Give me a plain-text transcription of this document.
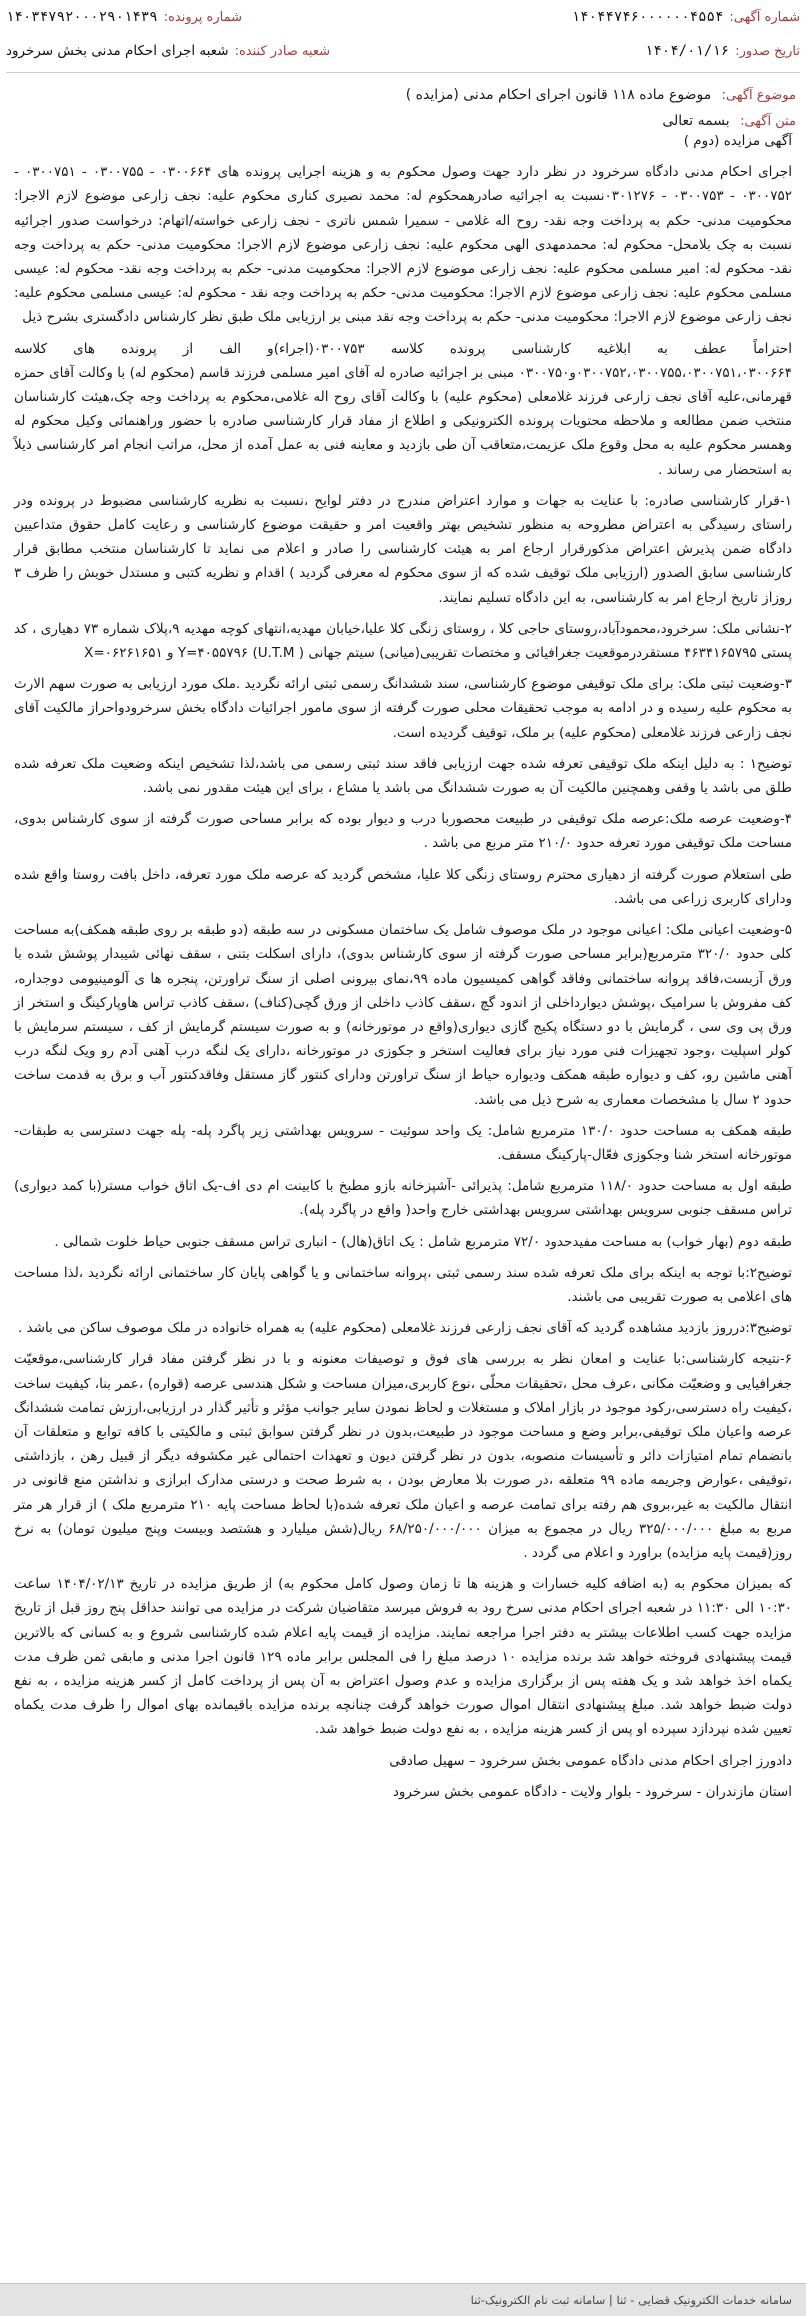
شماره آگهی:
۱۴۰۴۴۷۴۶۰۰۰۰۰۰۴۵۵۴
شماره پرونده:
۱۴۰۳۴۷۹۲۰۰۰۲۹۰۱۴۳۹
تاریخ صدور:
۱۴۰۴/۰۱/۱۶
شعبه صادر کننده:
شعبه اجرای احکام مدنی بخش سرخرود
موضوع آگهی: موضوع ماده ۱۱۸ قانون اجرای احکام مدنی (مزایده )
متن آگهی: بسمه تعالی

آگهی مزایده (دوم )

اجرای احکام مدنی دادگاه سرخرود در نظر دارد جهت وصول محکوم به و هزینه اجرایی پرونده های ۰۳۰۰۶۶۴ - ۰۳۰۰۷۵۵ - ۰۳۰۰۷۵۱ - ۰۳۰۰۷۵۲ - ۰۳۰۰۷۵۳ - ۰۳۰۱۲۷۶نسبت به اجرائیه صادرهمحکوم له: محمد نصیری کناری محکوم علیه: نجف زارعی موضوع لازم الاجرا: محکومیت مدنی- حکم به پرداخت وجه نقد- روح اله غلامی - سمیرا شمس ناتری - نجف زارعی خواسته/اتهام: درخواست صدور اجرائیه نسبت به چک بلامحل- محکوم له: محمدمهدی الهی محکوم علیه: نجف زارعی موضوع لازم الاجرا: محکومیت مدنی- حکم به پرداخت وجه نقد- محکوم له: امیر مسلمی محکوم علیه: نجف زارعی موضوع لازم الاجرا: محکومیت مدنی- حکم به پرداخت وجه نقد- محکوم له: عیسی مسلمی محکوم علیه: نجف زارعی موضوع لازم الاجرا: محکومیت مدنی- حکم به پرداخت وجه نقد - محکوم له: عیسی مسلمی محکوم علیه: نجف زارعی موضوع لازم الاجرا: محکومیت مدنی- حکم به پرداخت وجه نقد مبنی بر ارزیابی ملک طبق نظر کارشناس دادگستری بشرح ذیل

احتراماً عطف به ابلاغیه کارشناسی پرونده کلاسه ۰۳۰۰۷۵۳(اجراء)و الف از پرونده های کلاسه ۰۳۰۰۷۵۲،۰۳۰۰۷۵۵،۰۳۰۰۷۵۱،۰۳۰۰۶۶۴و۰۳۰۰۷۵۰ مبنی بر اجرائیه صادره له آقای امیر مسلمی فرزند قاسم (محکوم له) با وکالت آقای حمزه قهرمانی،علیه آقای نجف زارعی فرزند غلامعلی (محکوم علیه) با وکالت آقای روح اله غلامی،محکوم به پرداخت وجه چک،هیئت کارشناسان منتخب ضمن مطالعه و ملاحظه محتویات پرونده الکترونیکی و اطلاع از مفاد قرار کارشناسی صادره با حضور وراهنمائی وکیل محکوم له وهمسر محکوم علیه به محل وقوع ملک عزیمت،متعاقب آن طی بازدید و معاینه فنی به عمل آمده از محل، مراتب انجام امر کارشناسی ذیلاً به استحضار می رساند .

۱-قرار کارشناسی صادره: با عنایت به جهات و موارد اعتراض مندرج در دفتر لوایح ،نسبت به نظریه کارشناسی مضبوط در پرونده ودر راستای رسیدگی به اعتراض مطروحه به منظور تشخیص بهتر واقعیت امر و حقیقت موضوع کارشناسی و رعایت کامل حقوق متداعیین دادگاه ضمن پذیرش اعتراض مذکورقرار ارجاع امر به هیئت کارشناسی را صادر و اعلام می نماید تا کارشناسان منتخب مطابق قرار کارشناسی سابق الصدور (ارزیابی ملک توقیف شده که از سوی محکوم له معرفی گردید ) اقدام و نظریه کتبی و مستدل خویش را ظرف ۳ روزاز تاریخ ارجاع امر به کارشناسی، به این دادگاه تسلیم نمایند.

۲-نشانی ملک: سرخرود،محمودآباد،روستای حاجی کلا ، روستای زنگی کلا علیا،خیابان مهدیه،انتهای کوچه مهدیه ۹،پلاک شماره ۷۳ دهیاری ، کد پستی ۴۶۳۴۱۶۵۷۹۵ مستقردرموقعیت جغرافیائی و مختصات تقریبی(میانی) سیتم جهانی ( U.T.M) Y=۴۰۵۵۷۹۶ و X=۰۶۲۶۱۶۵۱

۳-وضعیت ثبتی ملک: برای ملک توقیفی موضوع کارشناسی، سند ششدانگ رسمی ثبتی ارائه نگردید .ملک مورد ارزیابی به صورت سهم الارث به محکوم علیه رسیده و در ادامه به موجب تحقیقات محلی صورت گرفته از سوی مامور اجرائیات دادگاه بخش سرخرودواحراز مالکیت آقای نجف زارعی فرزند غلامعلی (محکوم علیه) بر ملک، توقیف گردیده است.

توضیح۱ : به دلیل اینکه ملک توقیفی تعرفه شده جهت ارزیابی فاقد سند ثبتی رسمی می باشد،لذا تشخیص اینکه وضعیت ملک تعرفه شده طلق می باشد یا وقفی وهمچنین مالکیت آن به صورت ششدانگ می باشد یا مشاع ، برای این هیئت مقدور نمی باشد.

۴-وضعیت عرصه ملک:عرصه ملک توقیفی در طبیعت محصوربا درب و دیوار بوده که برابر مساحی صورت گرفته از سوی کارشناس بدوی، مساحت ملک توقیفی مورد تعرفه حدود ۲۱۰/۰ متر مربع می باشد .

طی استعلام صورت گرفته از دهیاری محترم روستای زنگی کلا علیا، مشخص گردید که عرصه ملک مورد تعرفه، داخل بافت روستا واقع شده ودارای کاربری زراعی می باشد.

۵-وضعیت اعیانی ملک: اعیانی موجود در ملک موصوف شامل یک ساختمان مسکونی در سه طبقه (دو طبقه بر روی طبقه همکف)به مساحت کلی حدود ۳۲۰/۰ مترمربع(برابر مساحی صورت گرفته از سوی کارشناس بدوی)، دارای اسکلت بتنی ، سقف نهائی شیبدار پوشش شده با ورق آزبست،فاقد پروانه ساختمانی وفاقد گواهی کمیسیون ماده ۹۹،نمای بیرونی اصلی از سنگ تراورتن، پنجره ها ی آلومینیومی دوجداره، کف مفروش با سرامیک ،پوشش دیوارداخلی از اندود گچ ،سقف کاذب داخلی از ورق گچی(کناف) ،سقف کاذب تراس هاوپارکینگ و استخر از ورق پی وی سی ، گرمایش با دو دستگاه پکیج گازی دیواری(واقع در موتورخانه) و به صورت سیستم گرمایش از کف ، سیستم سرمایش با کولر اسپلیت ،وجود تجهیزات فنی مورد نیاز برای فعالیت استخر و جکوزی در موتورخانه ،دارای یک لنگه درب آهنی آدم رو ویک لنگه درب آهنی ماشین رو، کف و دیواره طبقه همکف ودیواره حیاط از سنگ تراورتن ودارای کنتور گاز مستقل وفاقدکنتور آب و برق به قدمت ساخت حدود ۲ سال با مشخصات معماری به شرح ذیل می باشد.

طبقه همکف به مساحت حدود ۱۳۰/۰ مترمربع شامل: یک واحد سوئیت - سرویس بهداشتی زیر پاگرد پله- پله جهت دسترسی به طبقات-موتورخانه استخر شنا وجکوزی فعّال-پارکینگ مسقف.

طبقه اول به مساحت حدود ۱۱۸/۰ مترمربع شامل: پذیرائی -آشپزخانه بازو مطبخ با کابینت ام دی اف-یک اتاق خواب مستر(با کمد دیواری) تراس مسقف جنوبی سرویس بهداشتی سرویس بهداشتی خارج واحد( واقع در پاگرد پله).

طبقه دوم (بهار خواب) به مساحت مفیدحدود ۷۲/۰ مترمربع شامل : یک اتاق(هال) - انباری تراس مسقف جنوبی حیاط خلوت شمالی .

توضیح۲:با توجه به اینکه برای ملک تعرفه شده سند رسمی ثبتی ،پروانه ساختمانی و یا گواهی پایان کار ساختمانی ارائه نگردید ،لذا مساحت های اعلامی به صورت تقریبی می باشند.

توضیح۳:درروز بازدید مشاهده گردید که آقای نجف زارعی فرزند غلامعلی (محکوم علیه) به همراه خانواده در ملک موصوف ساکن می باشد .

۶-نتیجه کارشناسی:با عنایت و امعان نظر به بررسی های فوق و توصیفات معنونه و با در نظر گرفتن مفاد قرار کارشناسی،موقعیّت جغرافیایی و وضعیّت مکانی ،عرف محل ،تحقیقات محلّی ،نوع کاربری،میزان مساحت و شکل هندسی عرصه (قواره) ،عمر بنا، کیفیت ساخت ،کیفیت راه دسترسی،رکود موجود در بازار املاک و مستغلات و لحاظ نمودن سایر جوانب مؤثر و تأثیر گذار در ارزیابی،ارزش تمامت ششدانگ عرصه واعیان ملک توقیفی،برابر وضع و مساحت موجود در طبیعت،بدون در نظر گرفتن سوابق ثبتی و مالکیتی با کافه توابع و متعلقات آن بانضمام تمام امتیازات دائر و تأسیسات منصوبه، بدون در نظر گرفتن دیون و تعهدات احتمالی غیر مکشوفه دیگر از قبیل رهن ، بازداشتی ،توقیفی ،عوارض وجریمه ماده ۹۹ متعلقه ،در صورت بلا معارض بودن ، به شرط صحت و درستی مدارک ابرازی و نداشتن منع قانونی در انتقال مالکیت به غیر،بروی هم رفته برای تمامت عرصه و اعیان ملک تعرفه شده(با لحاظ مساحت پایه ۲۱۰ مترمربع ملک ) از قرار هر متر مربع به مبلغ ۳۲۵/۰۰۰/۰۰۰ ریال در مجموع به میزان ۶۸/۲۵۰/۰۰۰/۰۰۰ ریال(شش میلیارد و هشتصد وبیست وپنج میلیون تومان) به نرخ روز(قیمت پایه مزایده) براورد و اعلام می گردد .

که بمیزان محکوم به (به اضافه کلیه خسارات و هزینه ها تا زمان وصول کامل محکوم به) از طریق مزایده در تاریخ ۱۴۰۴/۰۲/۱۳ ساعت ۱۰:۳۰ الی ۱۱:۳۰ در شعبه اجرای احکام مدنی سرخ رود به فروش میرسد متقاضیان شرکت در مزایده می توانند حداقل پنج روز قبل از تاریخ مزایده جهت کسب اطلاعات بیشتر به دفتر اجرا مراجعه نمایند. مزایده از قیمت پایه اعلام شده کارشناسی شروع و به کسانی که بالاترین قیمت پیشنهادی فروخته خواهد شد برنده مزایده ۱۰ درصد مبلغ را فی المجلس برابر ماده ۱۲۹ قانون اجرا مدنی و مابقی ثمن ظرف مدت یکماه اخذ خواهد شد و یک هفته پس از برگزاری مزایده و عدم وصول اعتراض به آن پس از پرداخت کامل از کسر هزینه مزایده ، به نفع دولت ضبط خواهد شد. مبلغ پیشنهادی انتقال اموال صورت خواهد گرفت چنانچه برنده مزایده باقیمانده بهای اموال را ظرف مدت یکماه تعیین شده نپردازد سپرده او پس از کسر هزینه مزایده ، به نفع دولت ضبط خواهد شد.

دادورز اجرای احکام مدنی دادگاه عمومی بخش سرخرود – سهیل صادقی

استان مازندران - سرخرود - بلوار ولایت - دادگاه عمومی بخش سرخرود

سامانه خدمات الکترونیک قضایی - ثنا | سامانه ثبت نام الکترونیک-ثنا
